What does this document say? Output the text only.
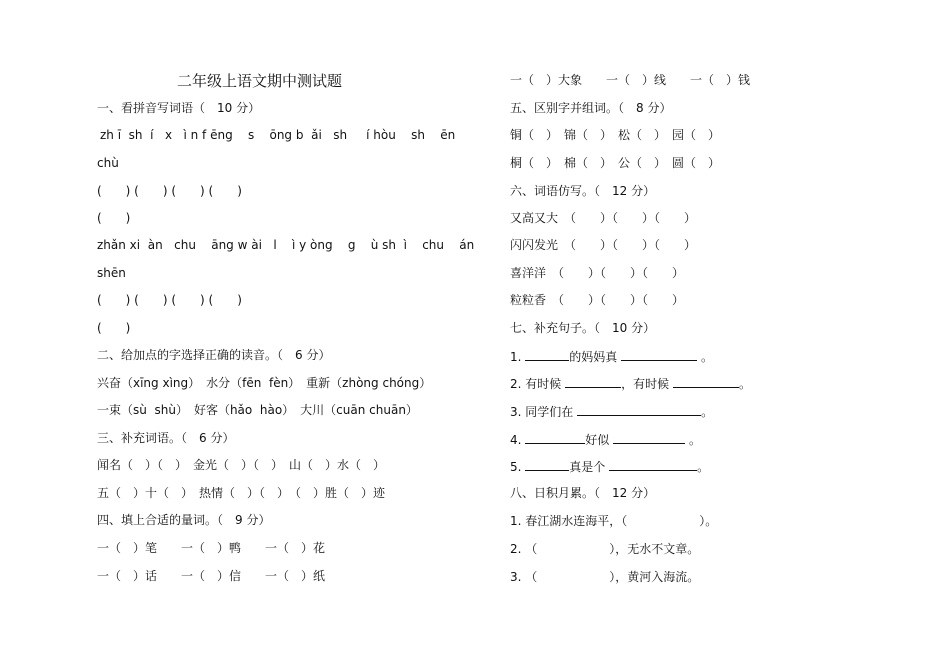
二年级上语文期中测试题
一、看拼音写词语（　10 分）
zh ī  sh  í   x   ì n f ēng    s    ōng b  ǎi   sh     í hòu    sh    ēn
chù
(　　) (　　) (　　) (　　)
(　　)
zhǎn xi  àn   chu    āng w ài   l    ì y òng    g    ù sh  ì    chu    án
shēn
(　　) (　　) (　　) (　　)
(　　)
二、给加点的字选择正确的读音。（　6 分）
兴奋（xīng xìng）　水分（fēn  fèn）　重新（zhòng chóng）
一束（sù  shù）　好客（hǎo  hào）　大川（cuān chuān）
三、补充词语。（　6 分）
闻名（　）（　）　金光（　）（　）　山（　）水（　）
五（　）十（　）　热情（　）（　）　（　）胜（　）迹
四、填上合适的量词。（　9 分）
一（　）笔　　一（　）鸭　　一（　）花
一（　）话　　一（　）信　　一（　）纸
一（　）大象　　一（　）线　　一（　）钱
五、区别字并组词。（　8 分）
铜（　）　锦（　）　松（　）　园（　）
桐（　）　棉（　）　公（　）　圆（　）
六、词语仿写。（　12 分）
又高又大　（　　）（　　）（　　）
闪闪发光　（　　）（　　）（　　）
喜洋洋　（　　）（　　）（　　）
粒粒香　（　　）（　　）（　　）
七、补充句子。（　10 分）
1.	的妈妈真	。
2. 有时候	，有时候	。
3. 同学们在	。
4.	好似	。
5.	真是个	。
八、日积月累。（　12 分）
1. 春江湖水连海平，（　　　　　　）。
2. （　　　　　　），无水不文章。
3. （　　　　　　），黄河入海流。
